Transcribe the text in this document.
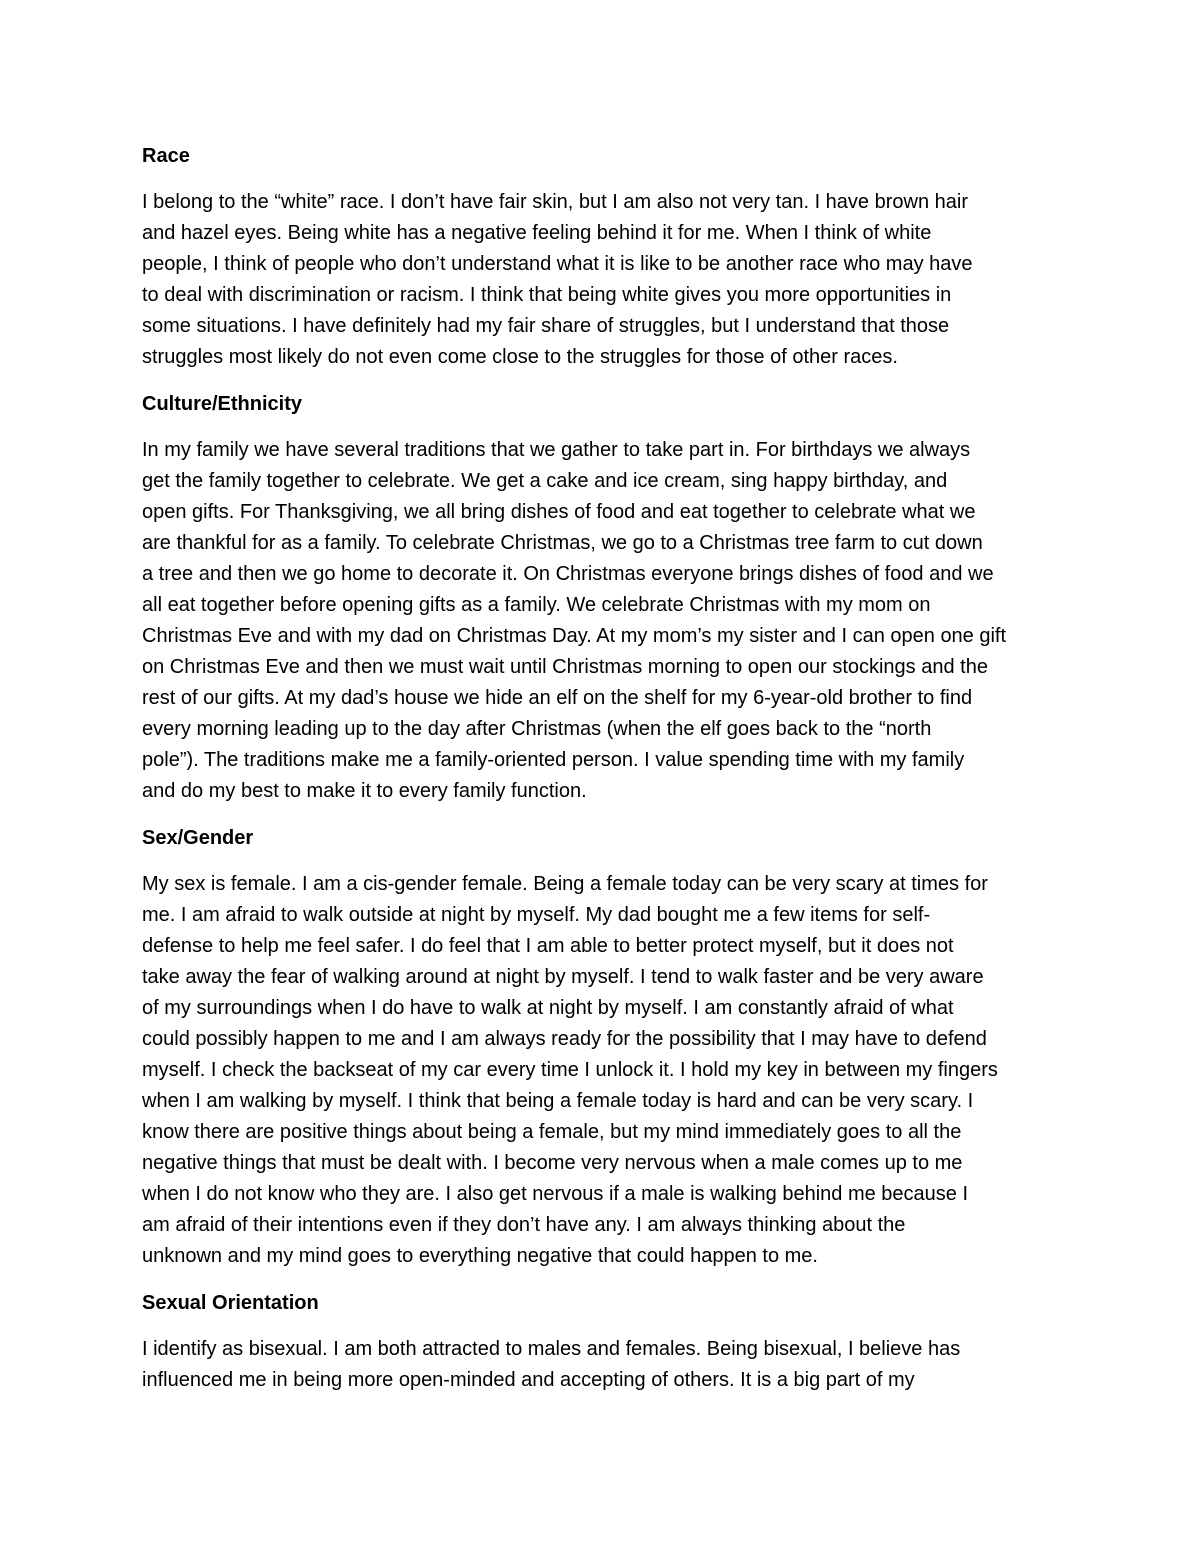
Race
I belong to the “white” race. I don’t have fair skin, but I am also not very tan. I have brown hair
and hazel eyes. Being white has a negative feeling behind it for me. When I think of white
people, I think of people who don’t understand what it is like to be another race who may have
to deal with discrimination or racism. I think that being white gives you more opportunities in
some situations. I have definitely had my fair share of struggles, but I understand that those
struggles most likely do not even come close to the struggles for those of other races.
Culture/Ethnicity
In my family we have several traditions that we gather to take part in. For birthdays we always
get the family together to celebrate. We get a cake and ice cream, sing happy birthday, and
open gifts. For Thanksgiving, we all bring dishes of food and eat together to celebrate what we
are thankful for as a family. To celebrate Christmas, we go to a Christmas tree farm to cut down
a tree and then we go home to decorate it. On Christmas everyone brings dishes of food and we
all eat together before opening gifts as a family. We celebrate Christmas with my mom on
Christmas Eve and with my dad on Christmas Day. At my mom’s my sister and I can open one gift
on Christmas Eve and then we must wait until Christmas morning to open our stockings and the
rest of our gifts. At my dad’s house we hide an elf on the shelf for my 6-year-old brother to find
every morning leading up to the day after Christmas (when the elf goes back to the “north
pole”). The traditions make me a family-oriented person. I value spending time with my family
and do my best to make it to every family function.
Sex/Gender
My sex is female. I am a cis-gender female. Being a female today can be very scary at times for
me. I am afraid to walk outside at night by myself. My dad bought me a few items for self-
defense to help me feel safer. I do feel that I am able to better protect myself, but it does not
take away the fear of walking around at night by myself. I tend to walk faster and be very aware
of my surroundings when I do have to walk at night by myself. I am constantly afraid of what
could possibly happen to me and I am always ready for the possibility that I may have to defend
myself. I check the backseat of my car every time I unlock it. I hold my key in between my fingers
when I am walking by myself. I think that being a female today is hard and can be very scary. I
know there are positive things about being a female, but my mind immediately goes to all the
negative things that must be dealt with. I become very nervous when a male comes up to me
when I do not know who they are. I also get nervous if a male is walking behind me because I
am afraid of their intentions even if they don’t have any. I am always thinking about the
unknown and my mind goes to everything negative that could happen to me.
Sexual Orientation
I identify as bisexual. I am both attracted to males and females. Being bisexual, I believe has
influenced me in being more open-minded and accepting of others. It is a big part of my
